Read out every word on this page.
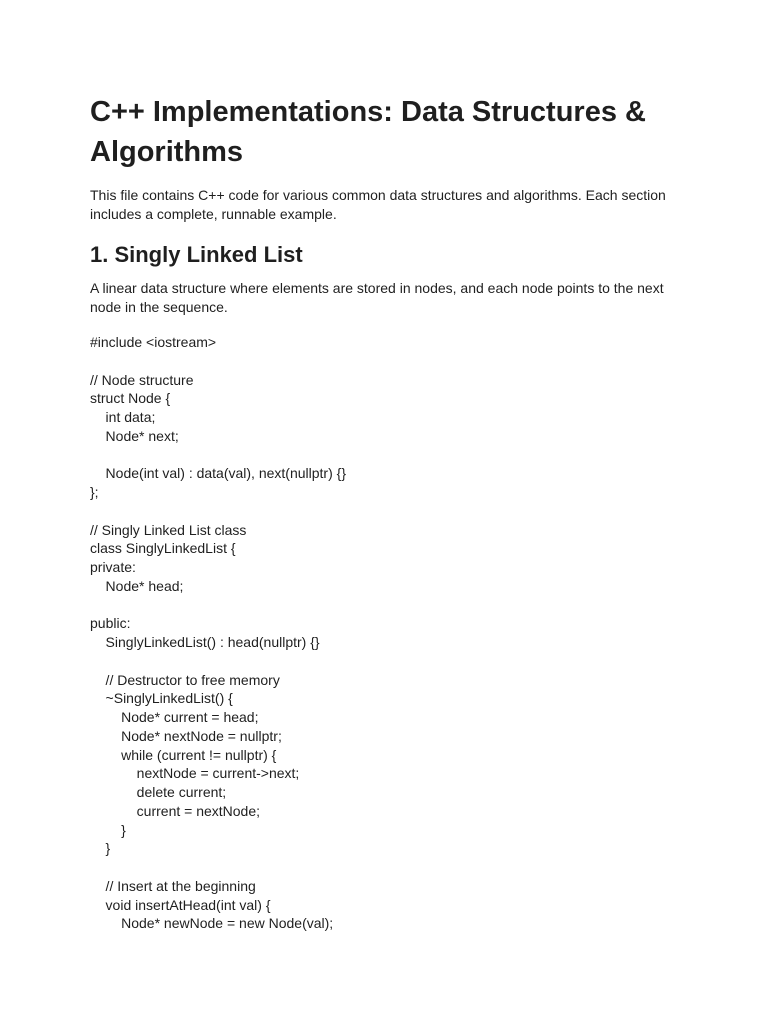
C++ Implementations: Data Structures &
Algorithms

This file contains C++ code for various common data structures and algorithms. Each section
includes a complete, runnable example.

1. Singly Linked List

A linear data structure where elements are stored in nodes, and each node points to the next
node in the sequence.

#include <iostream>
// Node structure
struct Node {
int data;
Node* next;
Node(int val) : data(val), next(nullptr) {}
};
// Singly Linked List class
class SinglyLinkedList {
private:
Node* head;
public:
SinglyLinkedList() : head(nullptr) {}
// Destructor to free memory
~SinglyLinkedList() {
Node* current = head;
Node* nextNode = nullptr;
while (current != nullptr) {
nextNode = current->next;
delete current;
current = nextNode;
}
}
// Insert at the beginning
void insertAtHead(int val) {
Node* newNode = new Node(val);
